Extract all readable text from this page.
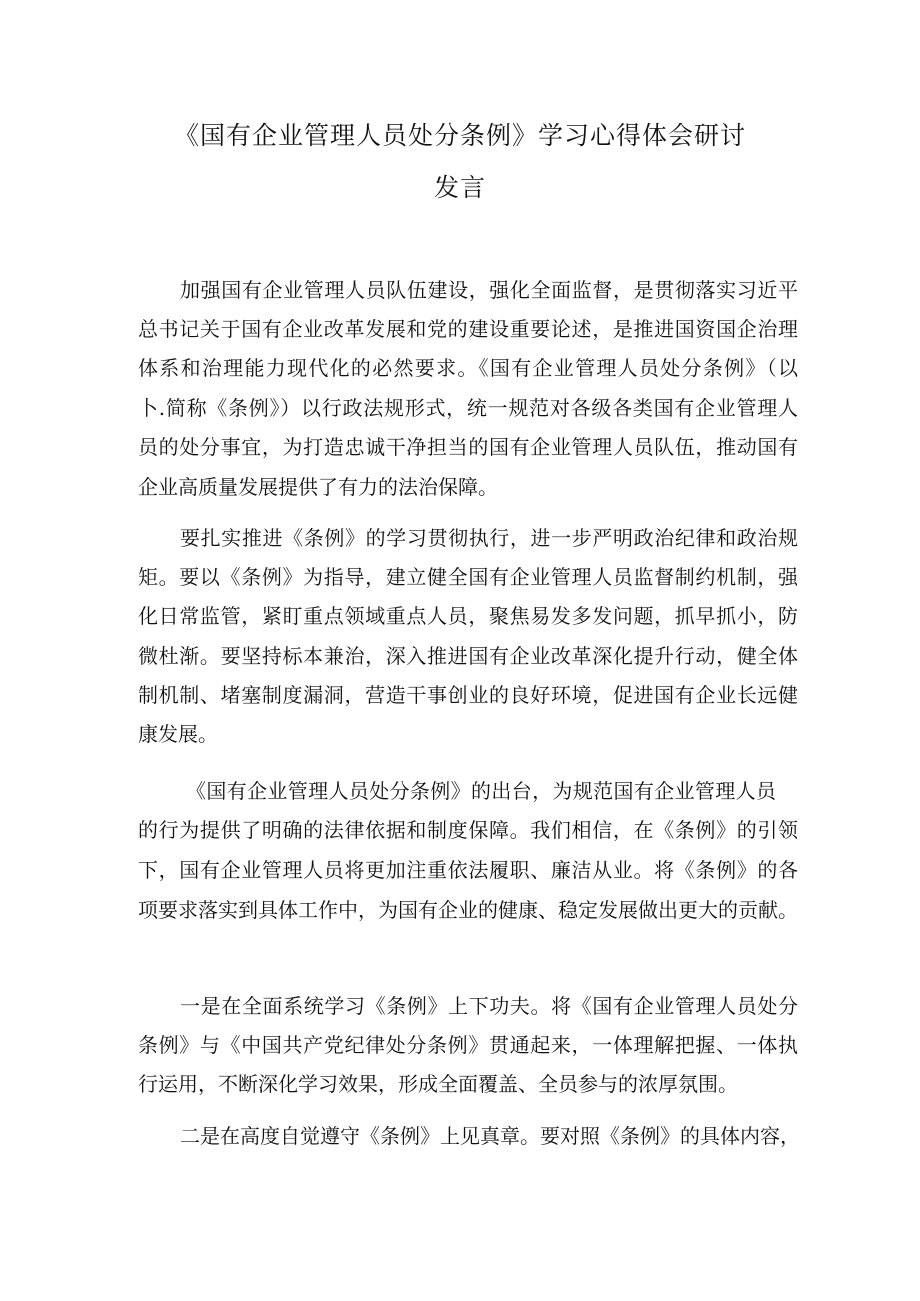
《国有企业管理人员处分条例》学习心得体会研讨
发言
加强国有企业管理人员队伍建设，强化全面监督，是贯彻落实习近平
总书记关于国有企业改革发展和党的建设重要论述，是推进国资国企治理
体系和治理能力现代化的必然要求。《国有企业管理人员处分条例》（以
卜.简称《条例》）以行政法规形式，统一规范对各级各类国有企业管理人
员的处分事宜，为打造忠诚干净担当的国有企业管理人员队伍，推动国有
企业高质量发展提供了有力的法治保障。
要扎实推进《条例》的学习贯彻执行，进一步严明政治纪律和政治规
矩。要以《条例》为指导，建立健全国有企业管理人员监督制约机制，强
化日常监管，紧盯重点领域重点人员，聚焦易发多发问题，抓早抓小，防
微杜渐。要坚持标本兼治，深入推进国有企业改革深化提升行动，健全体
制机制、堵塞制度漏洞，营造干事创业的良好环境，促进国有企业长远健
康发展。
《国有企业管理人员处分条例》的出台，为规范国有企业管理人员
的行为提供了明确的法律依据和制度保障。我们相信，在《条例》的引领
下，国有企业管理人员将更加注重依法履职、廉洁从业。将《条例》的各
项要求落实到具体工作中，为国有企业的健康、稳定发展做出更大的贡献。
一是在全面系统学习《条例》上下功夫。将《国有企业管理人员处分
条例》与《中国共产党纪律处分条例》贯通起来，一体理解把握、一体执
行运用，不断深化学习效果，形成全面覆盖、全员参与的浓厚氛围。
二是在高度自觉遵守《条例》上见真章。要对照《条例》的具体内容，
